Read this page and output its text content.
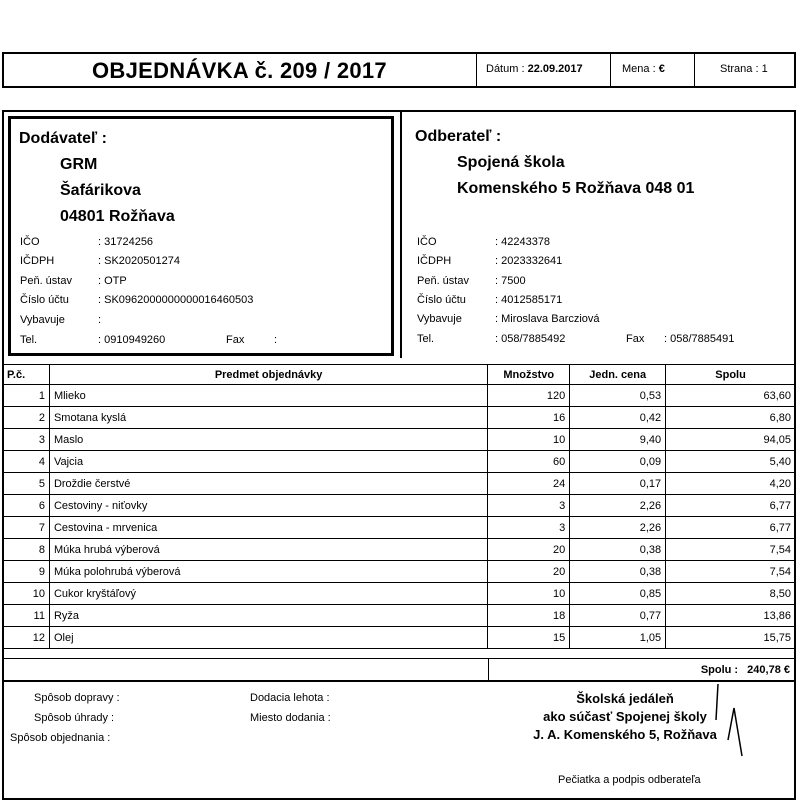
OBJEDNÁVKA č. 209 / 2017	Dátum : 22.09.2017	Mena : €	Strana : 1
Dodávateľ :
GRM
Šafárikova
04801 Rožňava
IČO	: 31724256
IČDPH	: SK2020501274
Peň. ústav : OTP
Číslo účtu	: SK0962000000000016460503
Vybavuje	:
Tel.	: 0910949260	Fax	:
Odberateľ :
Spojená škola
Komenského 5 Rožňava 048 01
IČO	: 42243378
IČDPH	: 2023332641
Peň. ústav : 7500
Číslo účtu	: 4012585171
Vybavuje	: Miroslava Barcziová
Tel.	: 058/7885492	Fax : 058/7885491
P.č.	Predmet objednávky	Množstvo	Jedn. cena	Spolu
1	Mlieko	120	0,53	63,60
2	Smotana kyslá	16	0,42	6,80
3	Maslo	10	9,40	94,05
4	Vajcia	60	0,09	5,40
5	Droždie čerstvé	24	0,17	4,20
6	Cestoviny - niťovky	3	2,26	6,77
7	Cestovina - mrvenica	3	2,26	6,77
8	Múka hrubá výberová	20	0,38	7,54
9	Múka polohrubá výberová	20	0,38	7,54
10	Cukor kryštáľový	10	0,85	8,50
11	Ryža	18	0,77	13,86
12	Olej	15	1,05	15,75
Spolu : 240,78 €
Spôsob dopravy :
Spôsob úhrady :
Spôsob objednania :
Dodacia lehota :
Miesto dodania :
Školská jedáleň
ako súčasť Spojenej školy
J. A. Komenského 5, Rožňava
Pečiatka a podpis odberateľa
